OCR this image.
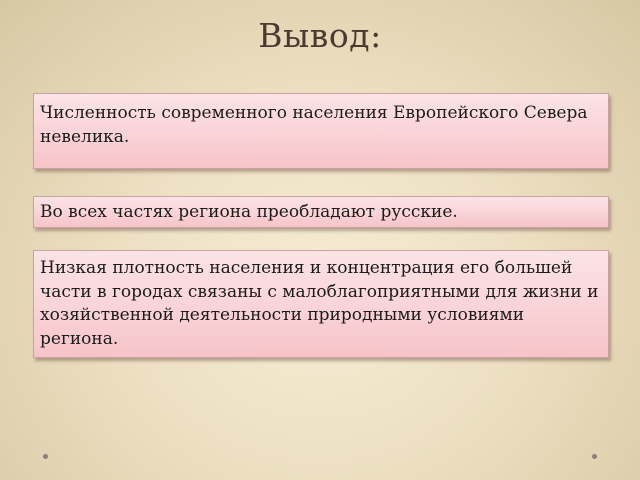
Вывод:
Численность современного населения Европейского Севера невелика.
Во всех частях региона преобладают русские.
Низкая плотность населения и концентрация его большей части в городах связаны с малоблагоприятными для жизни и хозяйственной деятельности природными условиями региона.
